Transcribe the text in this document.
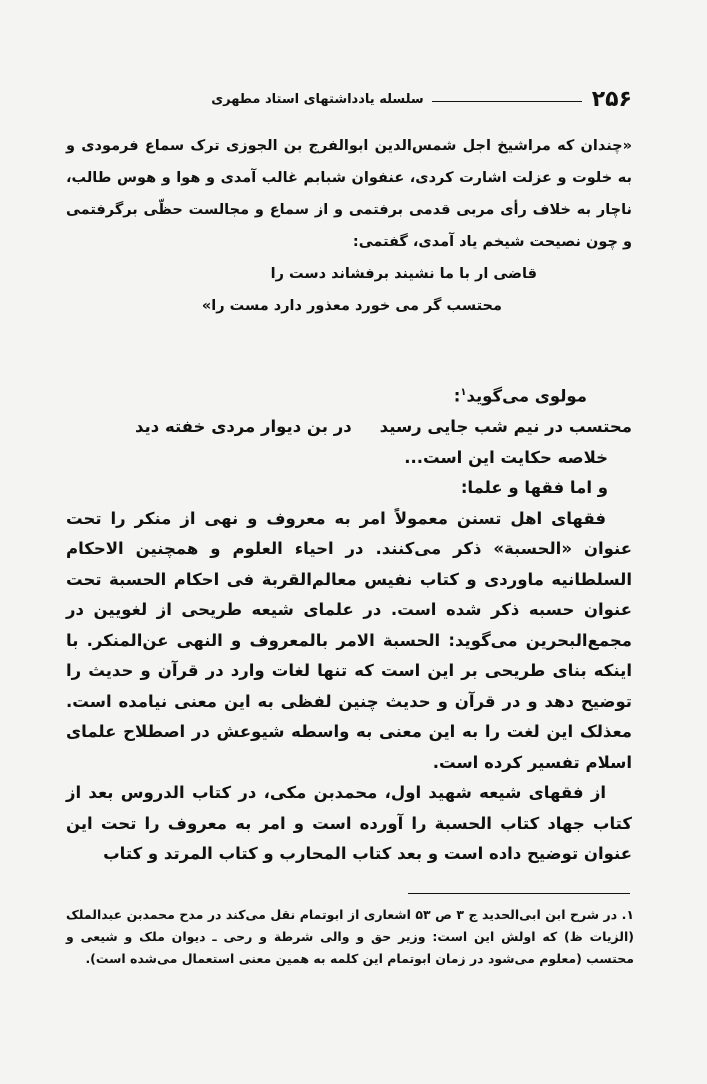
۲۵۶
سلسله یادداشتهای استاد مطهری

«چندان که مراشیخ اجل شمس‌الدین ابوالفرج بن الجوزی ترک سماع فرمودی و به خلوت و عزلت اشارت کردی، عنفوان شبابم غالب آمدی و هوا و هوس طالب، ناچار به خلاف رأی مربی قدمی برفتمی و از سماع و مجالست حظّی برگرفتمی و چون نصیحت شیخم یاد آمدی، گفتمی:

قاضی ار با ما نشیند برفشاند دست را

محتسب گر می خورد معذور دارد مست را»

مولوی می‌گوید$^۱$:

محتسب در نیم شب جایی رسید
در بن دیوار مردی خفته دید

خلاصه حکایت این است...

و اما فقها و علما:

فقهای اهل تسنن معمولاً امر به معروف و نهی از منکر را تحت عنوان «الحسبة» ذکر می‌کنند. در احیاء العلوم و همچنین الاحکام السلطانیه ماوردی و کتاب نفیس معالم‌القربة فی احکام الحسبة تحت عنوان حسبه ذکر شده است. در علمای شیعه طریحی از لغویین در مجمع‌البحرین می‌گوید: الحسبة الامر بالمعروف و النهی عن‌المنکر. با اینکه بنای طریحی بر این است که تنها لغات وارد در قرآن و حدیث را توضیح دهد و در قرآن و حدیث چنین لفظی به این معنی نیامده است. معذلک این لغت را به این معنی به واسطه شیوعش در اصطلاح علمای اسلام تفسیر کرده است.

از فقهای شیعه شهید اول، محمدبن مکی، در کتاب الدروس بعد از کتاب جهاد کتاب الحسبة را آورده است و امر به معروف را تحت این عنوان توضیح داده است و بعد کتاب المحارب و کتاب المرتد و کتاب

۱. در شرح ابن ابی‌الحدید ج ۳ ص ۵۳ اشعاری از ابوتمام نقل می‌کند در مدح محمدبن عبدالملک (الزیات ظ) که اولش این است: وزیر حق و والی شرطة و رحی ـ دیوان ملک و شیعی و محتسب (معلوم می‌شود در زمان ابوتمام این کلمه به همین معنی استعمال می‌شده است).
